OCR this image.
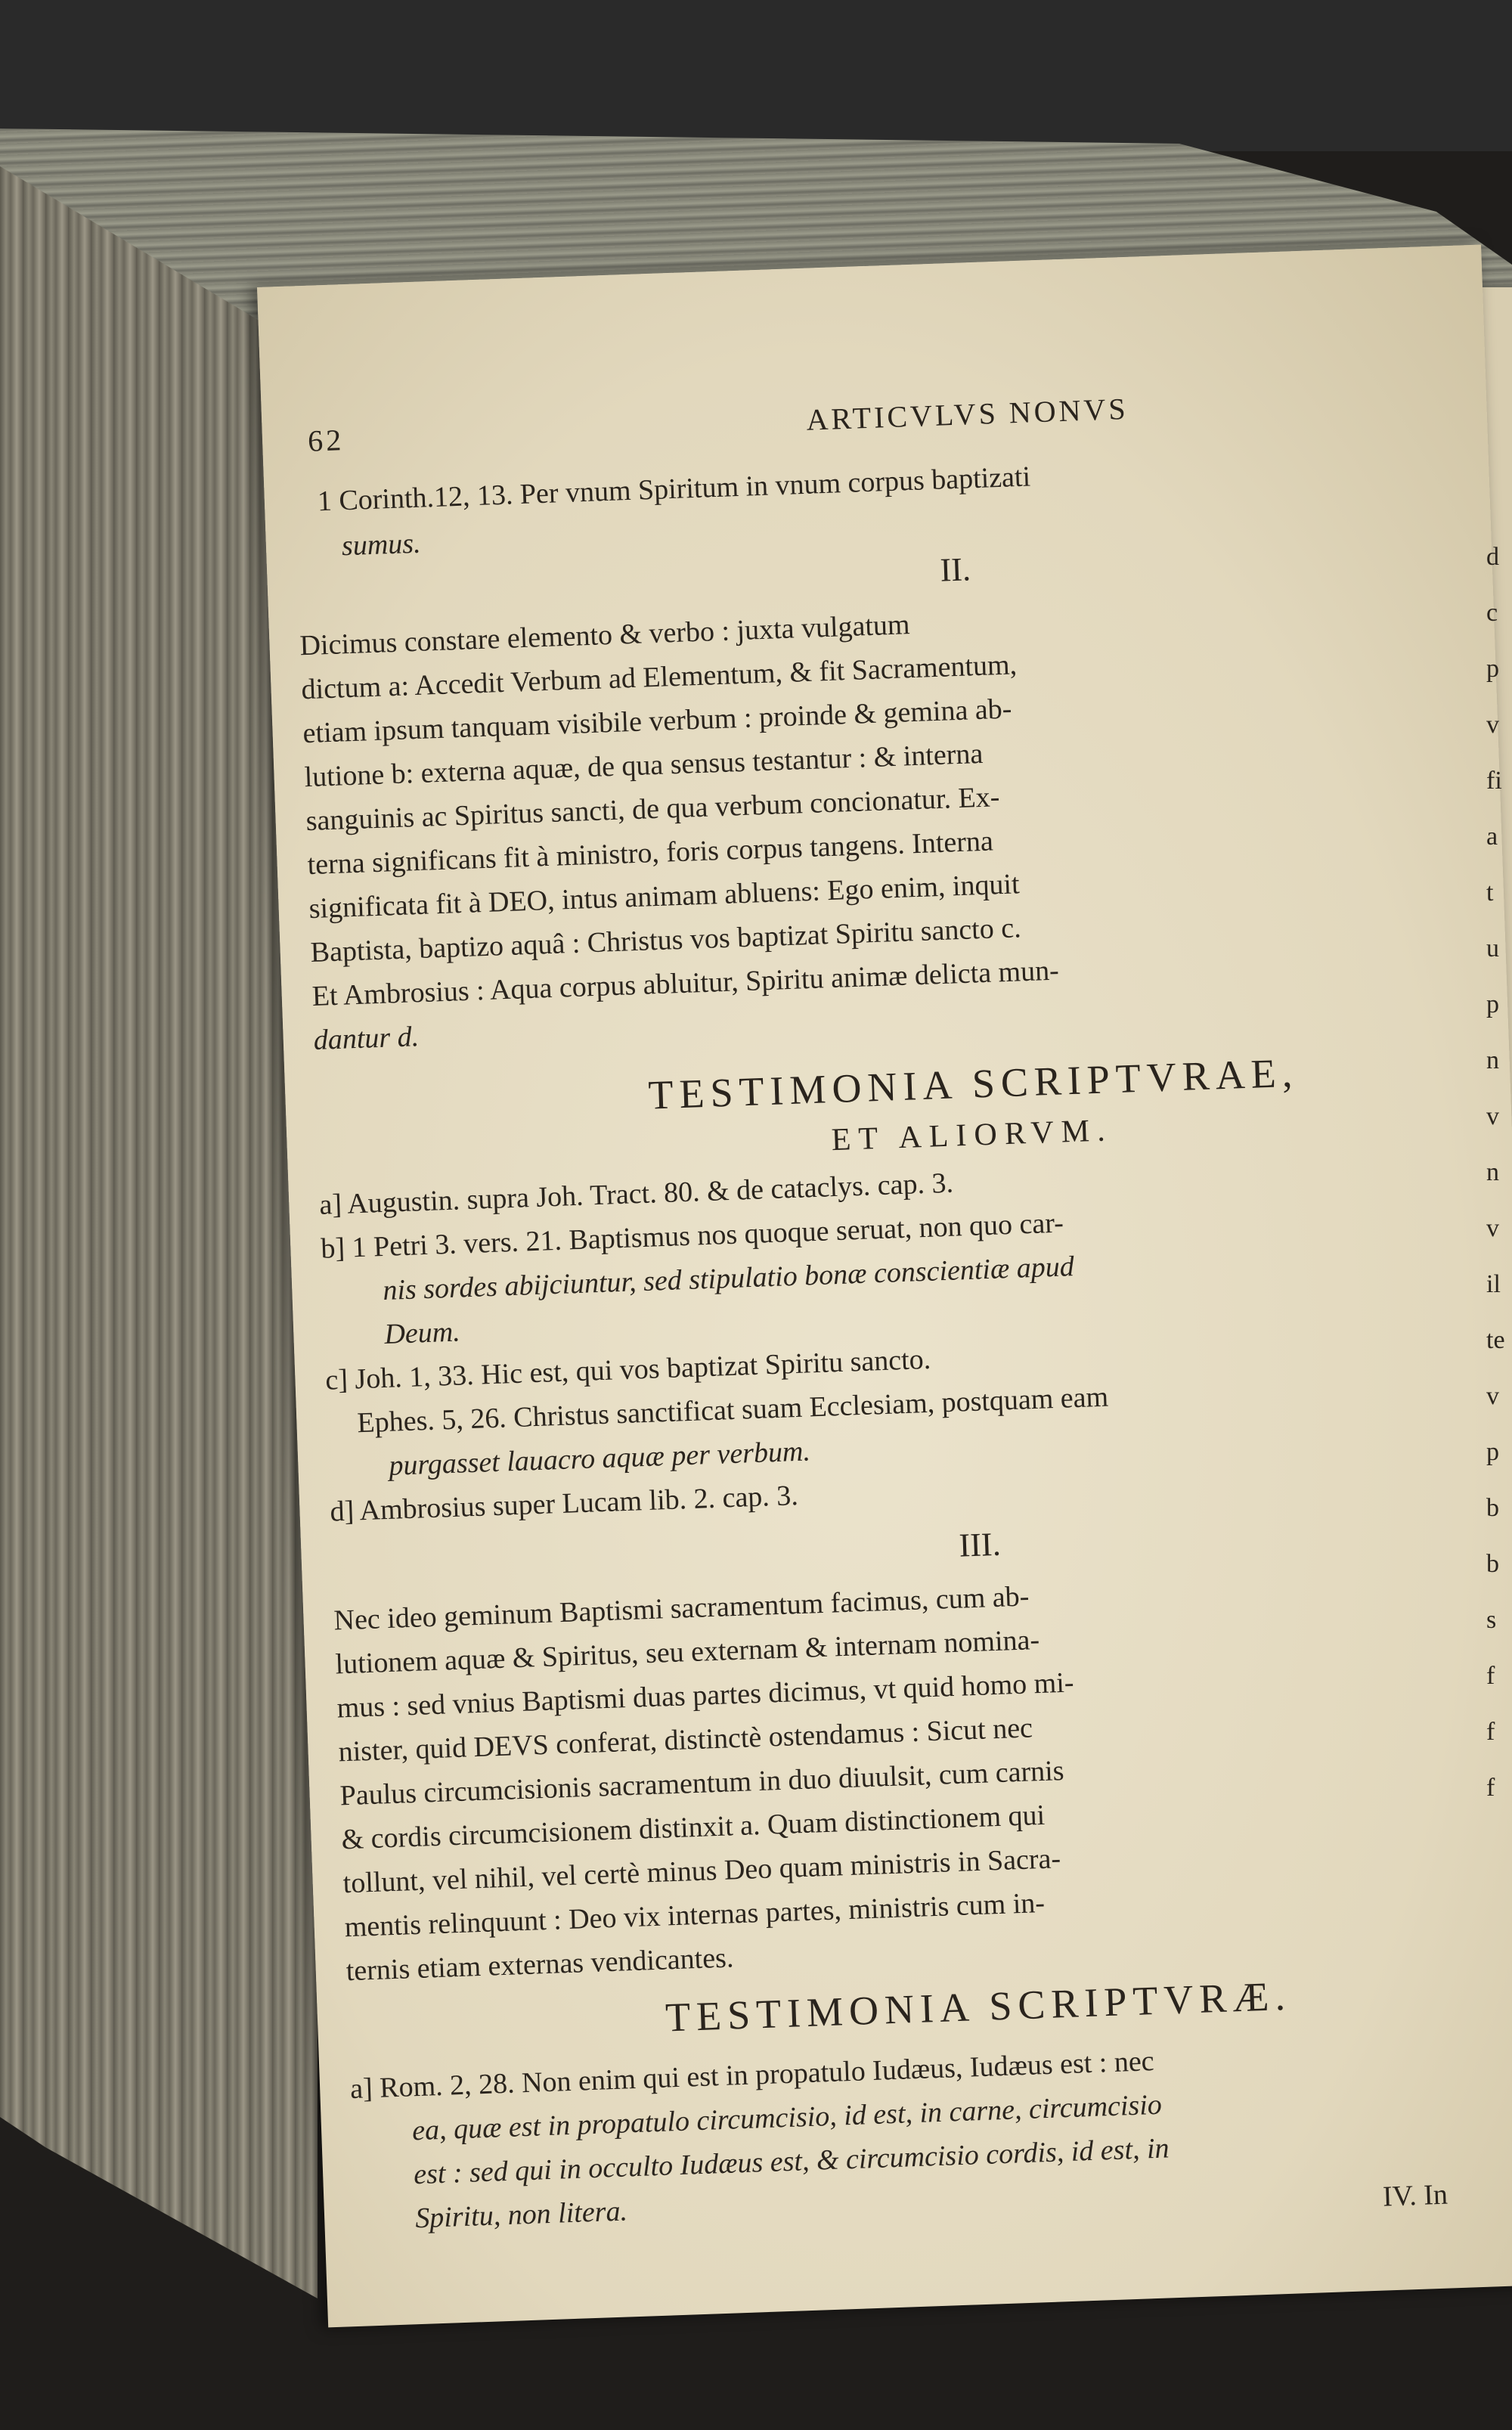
62
ARTICVLVS NONVS
1 Corinth.12, 13. Per vnum Spiritum in vnum corpus baptizati
sumus.
II.
Dicimus constare elemento & verbo : juxta vulgatum
dictum a: Accedit Verbum ad Elementum, & fit Sacramentum,
etiam ipsum tanquam visibile verbum : proinde & gemina ab-
lutione b: externa aquæ, de qua sensus testantur : & interna
sanguinis ac Spiritus sancti, de qua verbum concionatur. Ex-
terna significans fit à ministro, foris corpus tangens. Interna
significata fit à DEO, intus animam abluens: Ego enim, inquit
Baptista, baptizo aquâ : Christus vos baptizat Spiritu sancto c.
Et Ambrosius : Aqua corpus abluitur, Spiritu animæ delicta mun-
dantur d.
TESTIMONIA SCRIPTVRAE,
ET ALIORVM.
a] Augustin. supra Joh. Tract. 80. & de cataclys. cap. 3.
b] 1 Petri 3. vers. 21. Baptismus nos quoque seruat, non quo car-
nis sordes abijciuntur, sed stipulatio bonæ conscientiæ apud
Deum.
c] Joh. 1, 33. Hic est, qui vos baptizat Spiritu sancto.
Ephes. 5, 26. Christus sanctificat suam Ecclesiam, postquam eam
purgasset lauacro aquæ per verbum.
d] Ambrosius super Lucam lib. 2. cap. 3.
III.
Nec ideo geminum Baptismi sacramentum facimus, cum ab-
lutionem aquæ & Spiritus, seu externam & internam nomina-
mus : sed vnius Baptismi duas partes dicimus, vt quid homo mi-
nister, quid DEVS conferat, distinctè ostendamus : Sicut nec
Paulus circumcisionis sacramentum in duo diuulsit, cum carnis
& cordis circumcisionem distinxit a. Quam distinctionem qui
tollunt, vel nihil, vel certè minus Deo quam ministris in Sacra-
mentis relinquunt : Deo vix internas partes, ministris cum in-
ternis etiam externas vendicantes.
TESTIMONIA SCRIPTVRÆ.
a] Rom. 2, 28. Non enim qui est in propatulo Iudæus, Iudæus est : nec
ea, quæ est in propatulo circumcisio, id est, in carne, circumcisio
est : sed qui in occulto Iudæus est, & circumcisio cordis, id est, in
Spiritu, non litera.	IV. In
d
c
p
v
fi
a
t
u
p
n
v
n
v
il
te
v
p
b
b
s
f
f
f
